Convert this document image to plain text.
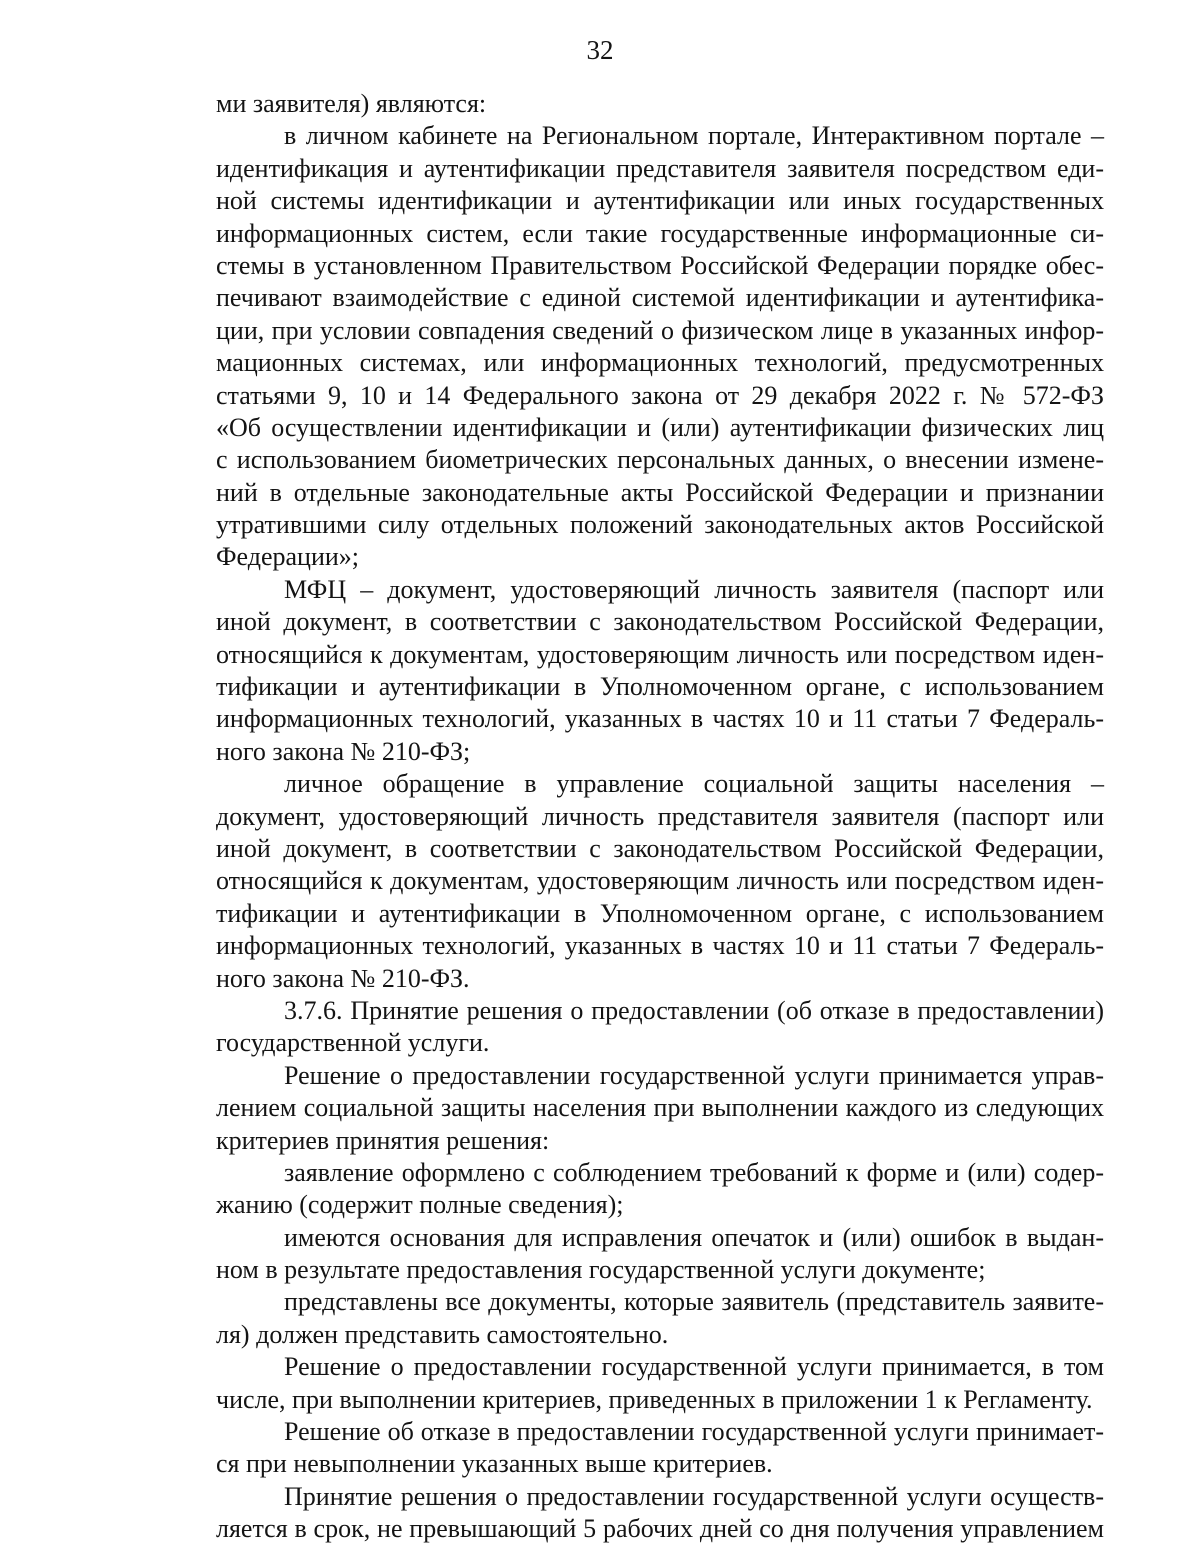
32
ми заявителя) являются:
в личном кабинете на Региональном портале, Интерактивном портале –
идентификация и аутентификации представителя заявителя посредством еди-
ной системы идентификации и аутентификации или иных государственных
информационных систем, если такие государственные информационные си-
стемы в установленном Правительством Российской Федерации порядке обес-
печивают взаимодействие с единой системой идентификации и аутентифика-
ции, при условии совпадения сведений о физическом лице в указанных инфор-
мационных системах, или информационных технологий, предусмотренных
статьями 9, 10 и 14 Федерального закона от 29 декабря 2022 г. № 572-ФЗ
«Об осуществлении идентификации и (или) аутентификации физических лиц
с использованием биометрических персональных данных, о внесении измене-
ний в отдельные законодательные акты Российской Федерации и признании
утратившими силу отдельных положений законодательных актов Российской
Федерации»;
МФЦ – документ, удостоверяющий личность заявителя (паспорт или
иной документ, в соответствии с законодательством Российской Федерации,
относящийся к документам, удостоверяющим личность или посредством иден-
тификации и аутентификации в Уполномоченном органе, с использованием
информационных технологий, указанных в частях 10 и 11 статьи 7 Федераль-
ного закона № 210-ФЗ;
личное обращение в управление социальной защиты населения –
документ, удостоверяющий личность представителя заявителя (паспорт или
иной документ, в соответствии с законодательством Российской Федерации,
относящийся к документам, удостоверяющим личность или посредством иден-
тификации и аутентификации в Уполномоченном органе, с использованием
информационных технологий, указанных в частях 10 и 11 статьи 7 Федераль-
ного закона № 210-ФЗ.
3.7.6. Принятие решения о предоставлении (об отказе в предоставлении)
государственной услуги.
Решение о предоставлении государственной услуги принимается управ-
лением социальной защиты населения при выполнении каждого из следующих
критериев принятия решения:
заявление оформлено с соблюдением требований к форме и (или) содер-
жанию (содержит полные сведения);
имеются основания для исправления опечаток и (или) ошибок в выдан-
ном в результате предоставления государственной услуги документе;
представлены все документы, которые заявитель (представитель заявите-
ля) должен представить самостоятельно.
Решение о предоставлении государственной услуги принимается, в том
числе, при выполнении критериев, приведенных в приложении 1 к Регламенту.
Решение об отказе в предоставлении государственной услуги принимает-
ся при невыполнении указанных выше критериев.
Принятие решения о предоставлении государственной услуги осуществ-
ляется в срок, не превышающий 5 рабочих дней со дня получения управлением
